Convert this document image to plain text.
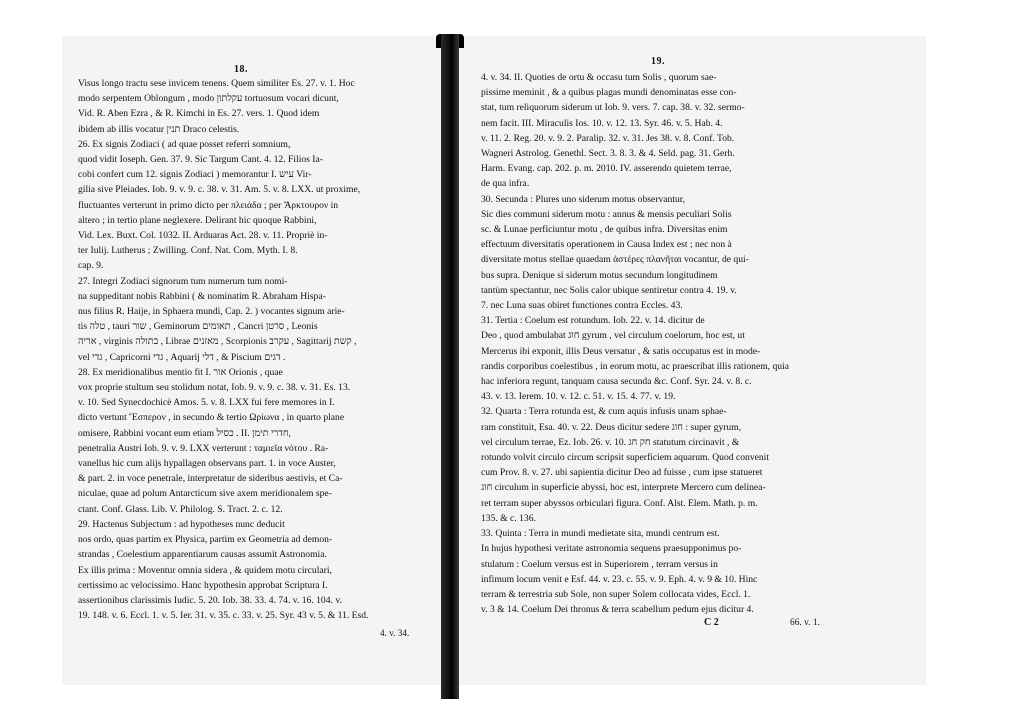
18.
19.
Visus longo tractu sese invicem tenens. Quem similiter Es. 27. v. 1. Hoc
modo serpentem Oblongum , modo עקלתון tortuosum vocari dicunt,
Vid. R. Aben Ezra , & R. Kimchi in Es. 27. vers. 1. Quod idem
ibidem ab illis vocatur תנין Draco celestis.
26. Ex signis Zodiaci ( ad quae posset referri somnium,
quod vidit Ioseph. Gen. 37. 9. Sic Targum Cant. 4. 12. Filios Ia-
cobi confert cum 12. signis Zodiaci ) memorantur I. עיש Vir-
gilia sive Pleiades. Iob. 9. v. 9. c. 38. v. 31. Am. 5. v. 8. LXX. ut proxime,
fluctuantes verterunt in primo dicto per πλειάδα ; per Ἄρκτουρον in
altero ; in tertio plane neglexere. Delirant hic quoque Rabbini,
Vid. Lex. Buxt. Col. 1032. II. Arduaras Act. 28. v. 11. Propriè in-
ter Iulij. Lutherus ; Zwilling. Conf. Nat. Com. Myth. I. 8.
cap. 9.
27. Integri Zodiaci signorum tum numerum tum nomi-
na suppeditant nobis Rabbini ( & nominatim R. Abraham Hispa-
nus filius R. Haije, in Sphaera mundi, Cap. 2. ) vocantes signum arie-
tis טלה , tauri שור , Geminorum תאומים , Cancri סרטן , Leonis
אריה , virginis בתולה , Librae מאזנים , Scorpionis עקרב , Sagittarij קשת ,
vel גדי , Capricorni גדי , Aquarij דלי , & Piscium דגים .
28. Ex meridionalibus mentio fit I. אור Orionis , quae
vox proprie stultum seu stolidum notat, Iob. 9. v. 9. c. 38. v. 31. Es. 13.
v. 10. Sed Synecdochicè Amos. 5. v. 8. LXX fui fere memores in I.
dicto vertunt Ἔσπερον , in secundo & tertio Ωρίωνα , in quarto plane
omisere, Rabbini vocant eum etiam כסיל . II. חדרי תימן,
penetralia Austri Iob. 9. v. 9. LXX verterunt : ταμιεῖα νότου . Ra-
vanellus hic cum alijs hypallagen observans part. 1. in voce Auster,
& part. 2. in voce penetrale, interpretatur de sideribus aestivis, et Ca-
niculae, quae ad polum Antarcticum sive axem meridionalem spe-
ctant. Conf. Glass. Lib. V. Philolog. S. Tract. 2. c. 12.
29. Hactenus Subjectum : ad hypotheses nunc deducit
nos ordo, quas partim ex Physica, partim ex Geometria ad demon-
strandas , Coelestium apparentiarum causas assumit Astronomia.
Ex illis prima : Moventur omnia sidera , & quidem motu circulari,
certissimo ac velocissimo. Hanc hypothesin approbat Scriptura I.
assertionibus clarissimis Iudic. 5. 20. Iob. 38. 33. 4. 74. v. 16. 104. v.
19. 148. v. 6. Eccl. 1. v. 5. Ier. 31. v. 35. c. 33. v. 25. Syr. 43 v. 5. & 11. Esd.
4. v. 34. II. Quoties de ortu & occasu tum Solis , quorum sae-
pissime meminit , & a quibus plagas mundi denominatas esse con-
stat, tum reliquorum siderum ut Iob. 9. vers. 7. cap. 38. v. 32. sermo-
nem facit. III. Miraculis Ios. 10. v. 12. 13. Syr. 46. v. 5. Hab. 4.
v. 11. 2. Reg. 20. v. 9. 2. Paralip. 32. v. 31. Jes 38. v. 8. Conf. Tob.
Wagneri Astrolog. Genethl. Sect. 3. 8. 3. & 4. Seld. pag. 31. Gerh.
Harm. Evang. cap. 202. p. m. 2010. IV. asserendo quietem terrae,
de qua infra.
30. Secunda : Plures uno siderum motus observantur,
Sic dies communi siderum motu : annus & mensis peculiari Solis
sc. & Lunae perficiuntur motu , de quibus infra. Diversitas enim
effectuum diversitatis operationem in Causa Index est ; nec non à
diversitate motus stellae quaedam ἀστέρες πλανῆται vocantur, de qui-
bus supra. Denique si siderum motus secundum longitudinem
tantùm spectantur, nec Solis calor ubique sentiretur contra 4. 19. v.
7. nec Luna suas obiret functiones contra Eccles. 43.
31. Tertia : Coelum est rotundum. Iob. 22. v. 14. dicitur de
Deo , quod ambulabat חוג gyrum , vel circulum coelorum, hoc est, ut
Mercerus ibi exponit, illis Deus versatur , & satis occupatus est in mode-
randis corporibus coelestibus , in eorum motu, ac praescribat illis rationem, quia
hac inferiora regunt, tanquam causa secunda &c. Conf. Syr. 24. v. 8. c.
43. v. 13. Ierem. 10. v. 12. c. 51. v. 15. 4. 77. v. 19.
32. Quarta : Terra rotunda est, & cum aquis infusis unam sphae-
ram constituit, Esa. 40. v. 22. Deus dicitur sedere חוג : super gyrum,
vel circulum terrae, Ez. Iob. 26. v. 10. חק חג statutum circinavit , &
rotundo volvit circulo circum scripsit superficiem aquarum. Quod convenit
cum Prov. 8. v. 27. ubi sapientia dicitur Deo ad fuisse , cum ipse statueret
חוג circulum in superficie abyssi, hoc est, interprete Mercero cum delinea-
ret terram super abyssos orbiculari figura. Conf. Alst. Elem. Math. p. m.
135. & c. 136.
33. Quinta : Terra in mundi medietate sita, mundi centrum est.
In hujus hypothesi veritate astronomia sequens praesupponimus po-
stulatum : Coelum versus est in Superiorem , terram versus in
infimum locum venit e Esf. 44. v. 23. c. 55. v. 9. Eph. 4. v. 9 & 10. Hinc
terram & terrestria sub Sole, non super Solem collocata vides, Eccl. 1.
v. 3 & 14. Coelum Dei thronus & terra scabellum pedum ejus dicitur 4.
4. v. 34.
C 2	66. v. 1.
